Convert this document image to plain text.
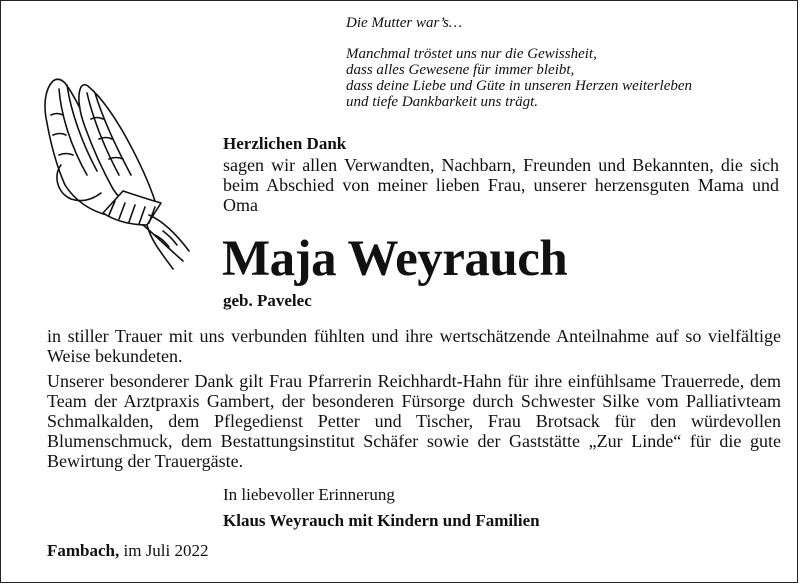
Die Mutter war’s…
Manchmal tröstet uns nur die Gewissheit,
dass alles Gewesene für immer bleibt,
dass deine Liebe und Güte in unseren Herzen weiterleben
und tiefe Dankbarkeit uns trägt.
Herzlichen Dank
sagen wir allen Verwandten, Nachbarn, Freunden und Bekannten, die sich beim Abschied von meiner lieben Frau, unserer herzensguten Mama und Oma
Maja Weyrauch
geb. Pavelec

in stiller Trauer mit uns verbunden fühlten und ihre wertschätzende Anteilnahme auf so vielfältige Weise bekundeten.

Unserer besonderer Dank gilt Frau Pfarrerin Reichhardt-Hahn für ihre einfühlsame Trauerrede, dem Team der Arztpraxis Gambert, der besonderen Fürsorge durch Schwester Silke vom Palliativteam Schmalkalden, dem Pflegedienst Petter und Tischer, Frau Brotsack für den würdevollen Blumenschmuck, dem Bestattungsinstitut Schäfer sowie der Gaststätte „Zur Linde“ für die gute Bewirtung der Trauergäste.

In liebevoller Erinnerung
Klaus Weyrauch mit Kindern und Familien
Fambach, im Juli 2022
